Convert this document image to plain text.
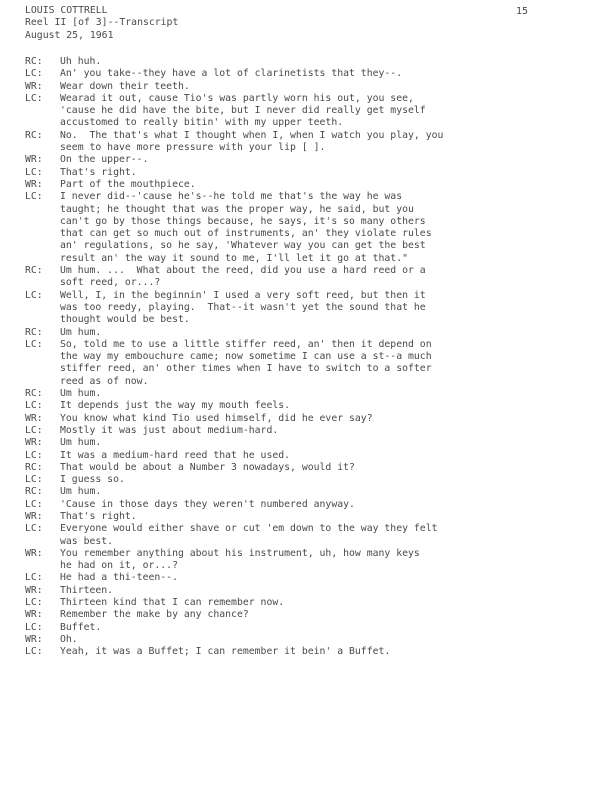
LOUIS COTTRELL
Reel II [of 3]--Transcript
August 25, 1961
15
RC:	Uh huh.
LC:	An' you take--they have a lot of clarinetists that they--.
WR:	Wear down their teeth.
LC:	Wearad it out, cause Tio's was partly worn his out, you see,
'cause he did have the bite, but I never did really get myself
accustomed to really bitin' with my upper teeth.
RC:	No.  The that's what I thought when I, when I watch you play, you
seem to have more pressure with your lip [ ].
WR:	On the upper--.
LC:	That's right.
WR:	Part of the mouthpiece.
LC:	I never did--'cause he's--he told me that's the way he was
taught; he thought that was the proper way, he said, but you
can't go by those things because, he says, it's so many others
that can get so much out of instruments, an' they violate rules
an' regulations, so he say, 'Whatever way you can get the best
result an' the way it sound to me, I'll let it go at that."
RC:	Um hum. ...  What about the reed, did you use a hard reed or a
soft reed, or...?
LC:	Well, I, in the beginnin' I used a very soft reed, but then it
was too reedy, playing.  That--it wasn't yet the sound that he
thought would be best.
RC:	Um hum.
LC:	So, told me to use a little stiffer reed, an' then it depend on
the way my embouchure came; now sometime I can use a st--a much
stiffer reed, an' other times when I have to switch to a softer
reed as of now.
RC:	Um hum.
LC:	It depends just the way my mouth feels.
WR:	You know what kind Tio used himself, did he ever say?
LC:	Mostly it was just about medium-hard.
WR:	Um hum.
LC:	It was a medium-hard reed that he used.
RC:	That would be about a Number 3 nowadays, would it?
LC:	I guess so.
RC:	Um hum.
LC:	'Cause in those days they weren't numbered anyway.
WR:	That's right.
LC:	Everyone would either shave or cut 'em down to the way they felt
was best.
WR:	You remember anything about his instrument, uh, how many keys
he had on it, or...?
LC:	He had a thi-teen--.
WR:	Thirteen.
LC:	Thirteen kind that I can remember now.
WR:	Remember the make by any chance?
LC:	Buffet.
WR:	Oh.
LC:	Yeah, it was a Buffet; I can remember it bein' a Buffet.
